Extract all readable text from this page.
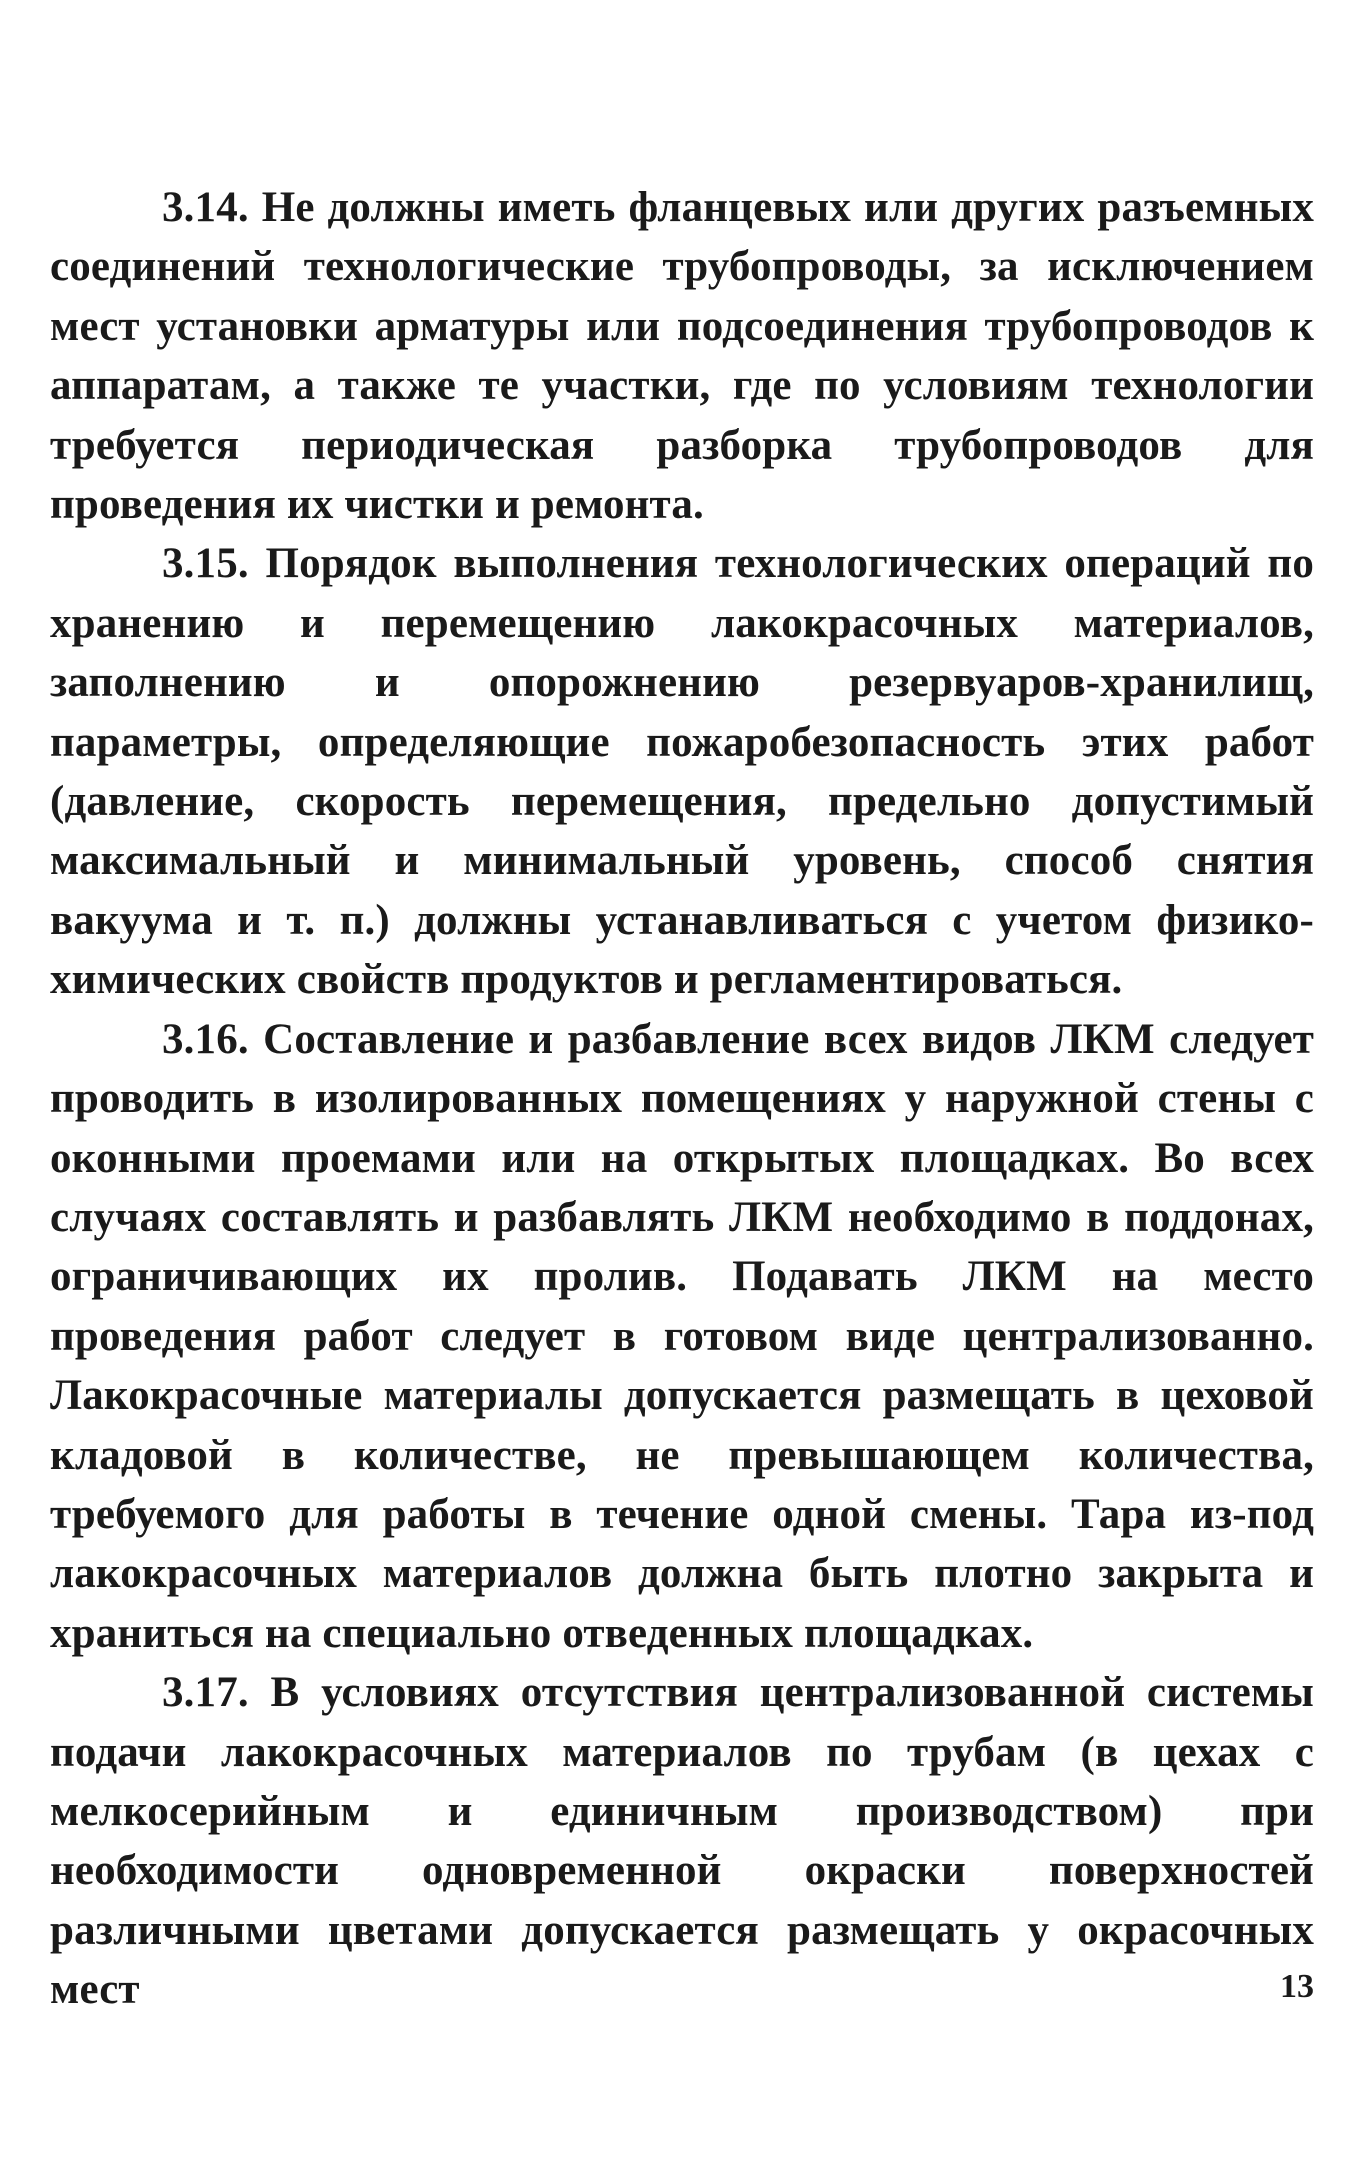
3.14. Не должны иметь фланцевых или других разъемных соединений технологические трубопроводы, за исключением мест установки арматуры или подсоединения трубопроводов к аппаратам, а также те участки, где по условиям технологии требуется периодическая разборка трубопроводов для проведения их чистки и ремонта.

3.15. Порядок выполнения технологических операций по хранению и перемещению лакокрасочных материалов, заполнению и опорожнению резервуаров-хранилищ, параметры, определяющие пожаробезопасность этих работ (давление, скорость перемещения, предельно допустимый максимальный и минимальный уровень, способ снятия вакуума и т. п.) должны устанавливаться с учетом физико-химических свойств продуктов и регламентироваться.

3.16. Составление и разбавление всех видов ЛКМ следует проводить в изолированных помещениях у наружной стены с оконными проемами или на открытых площадках. Во всех случаях составлять и разбавлять ЛКМ необходимо в поддонах, ограничивающих их пролив. Подавать ЛКМ на место проведения работ следует в готовом виде централизованно. Лакокрасочные материалы допускается размещать в цеховой кладовой в количестве, не превышающем количества, требуемого для работы в течение одной смены. Тара из-под лакокрасочных материалов должна быть плотно закрыта и храниться на специально отведенных площадках.

3.17. В условиях отсутствия централизованной системы подачи лакокрасочных материалов по трубам (в цехах с мелкосерийным и единичным производством) при необходимости одновременной окраски поверхностей различными цветами допускается размещать у окрасочных мест	13
